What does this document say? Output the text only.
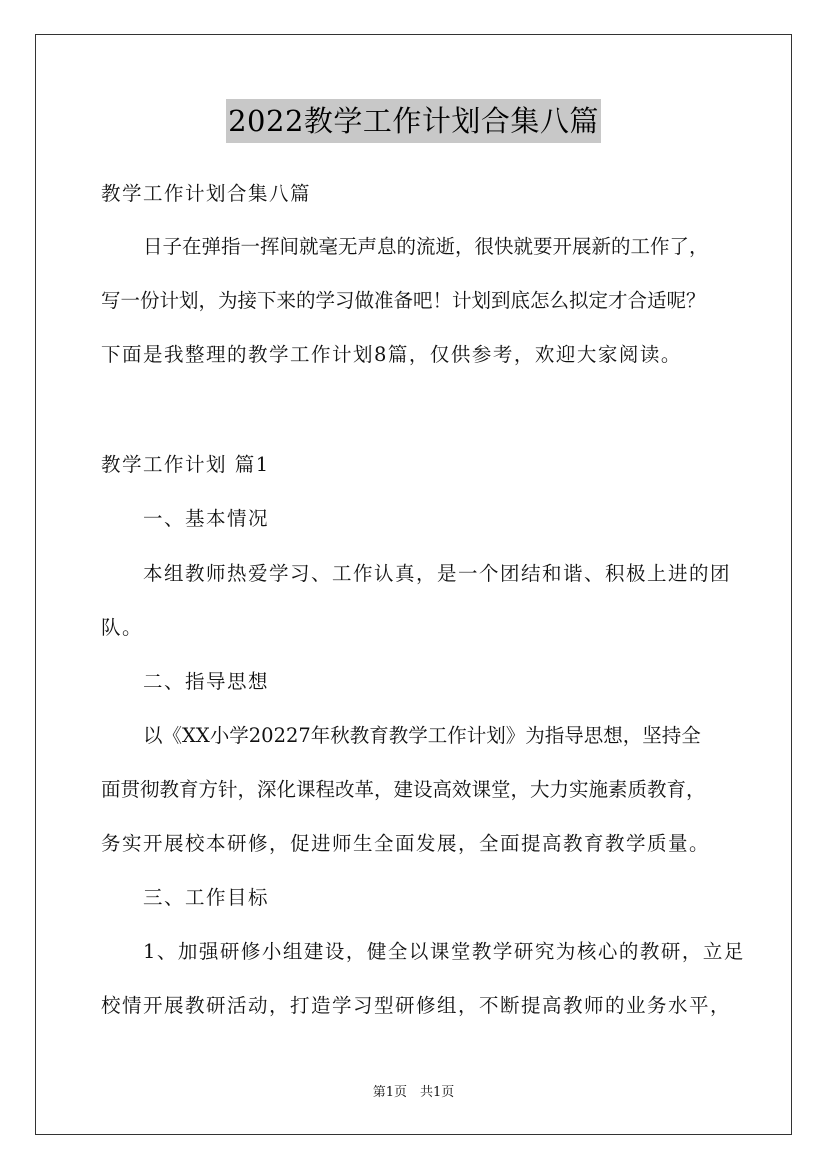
2022教学工作计划合集八篇
教学工作计划合集八篇
日子在弹指一挥间就毫无声息的流逝，很快就要开展新的工作了，
写一份计划，为接下来的学习做准备吧！计划到底怎么拟定才合适呢？
下面是我整理的教学工作计划8篇，仅供参考，欢迎大家阅读。
教学工作计划 篇1
一、基本情况
本组教师热爱学习、工作认真，是一个团结和谐、积极上进的团
队。
二、指导思想
以《XX小学20227年秋教育教学工作计划》为指导思想，坚持全
面贯彻教育方针，深化课程改革，建设高效课堂，大力实施素质教育，
务实开展校本研修，促进师生全面发展，全面提高教育教学质量。
三、工作目标
1、加强研修小组建设，健全以课堂教学研究为核心的教研，立足
校情开展教研活动，打造学习型研修组，不断提高教师的业务水平，
第1页　共1页
